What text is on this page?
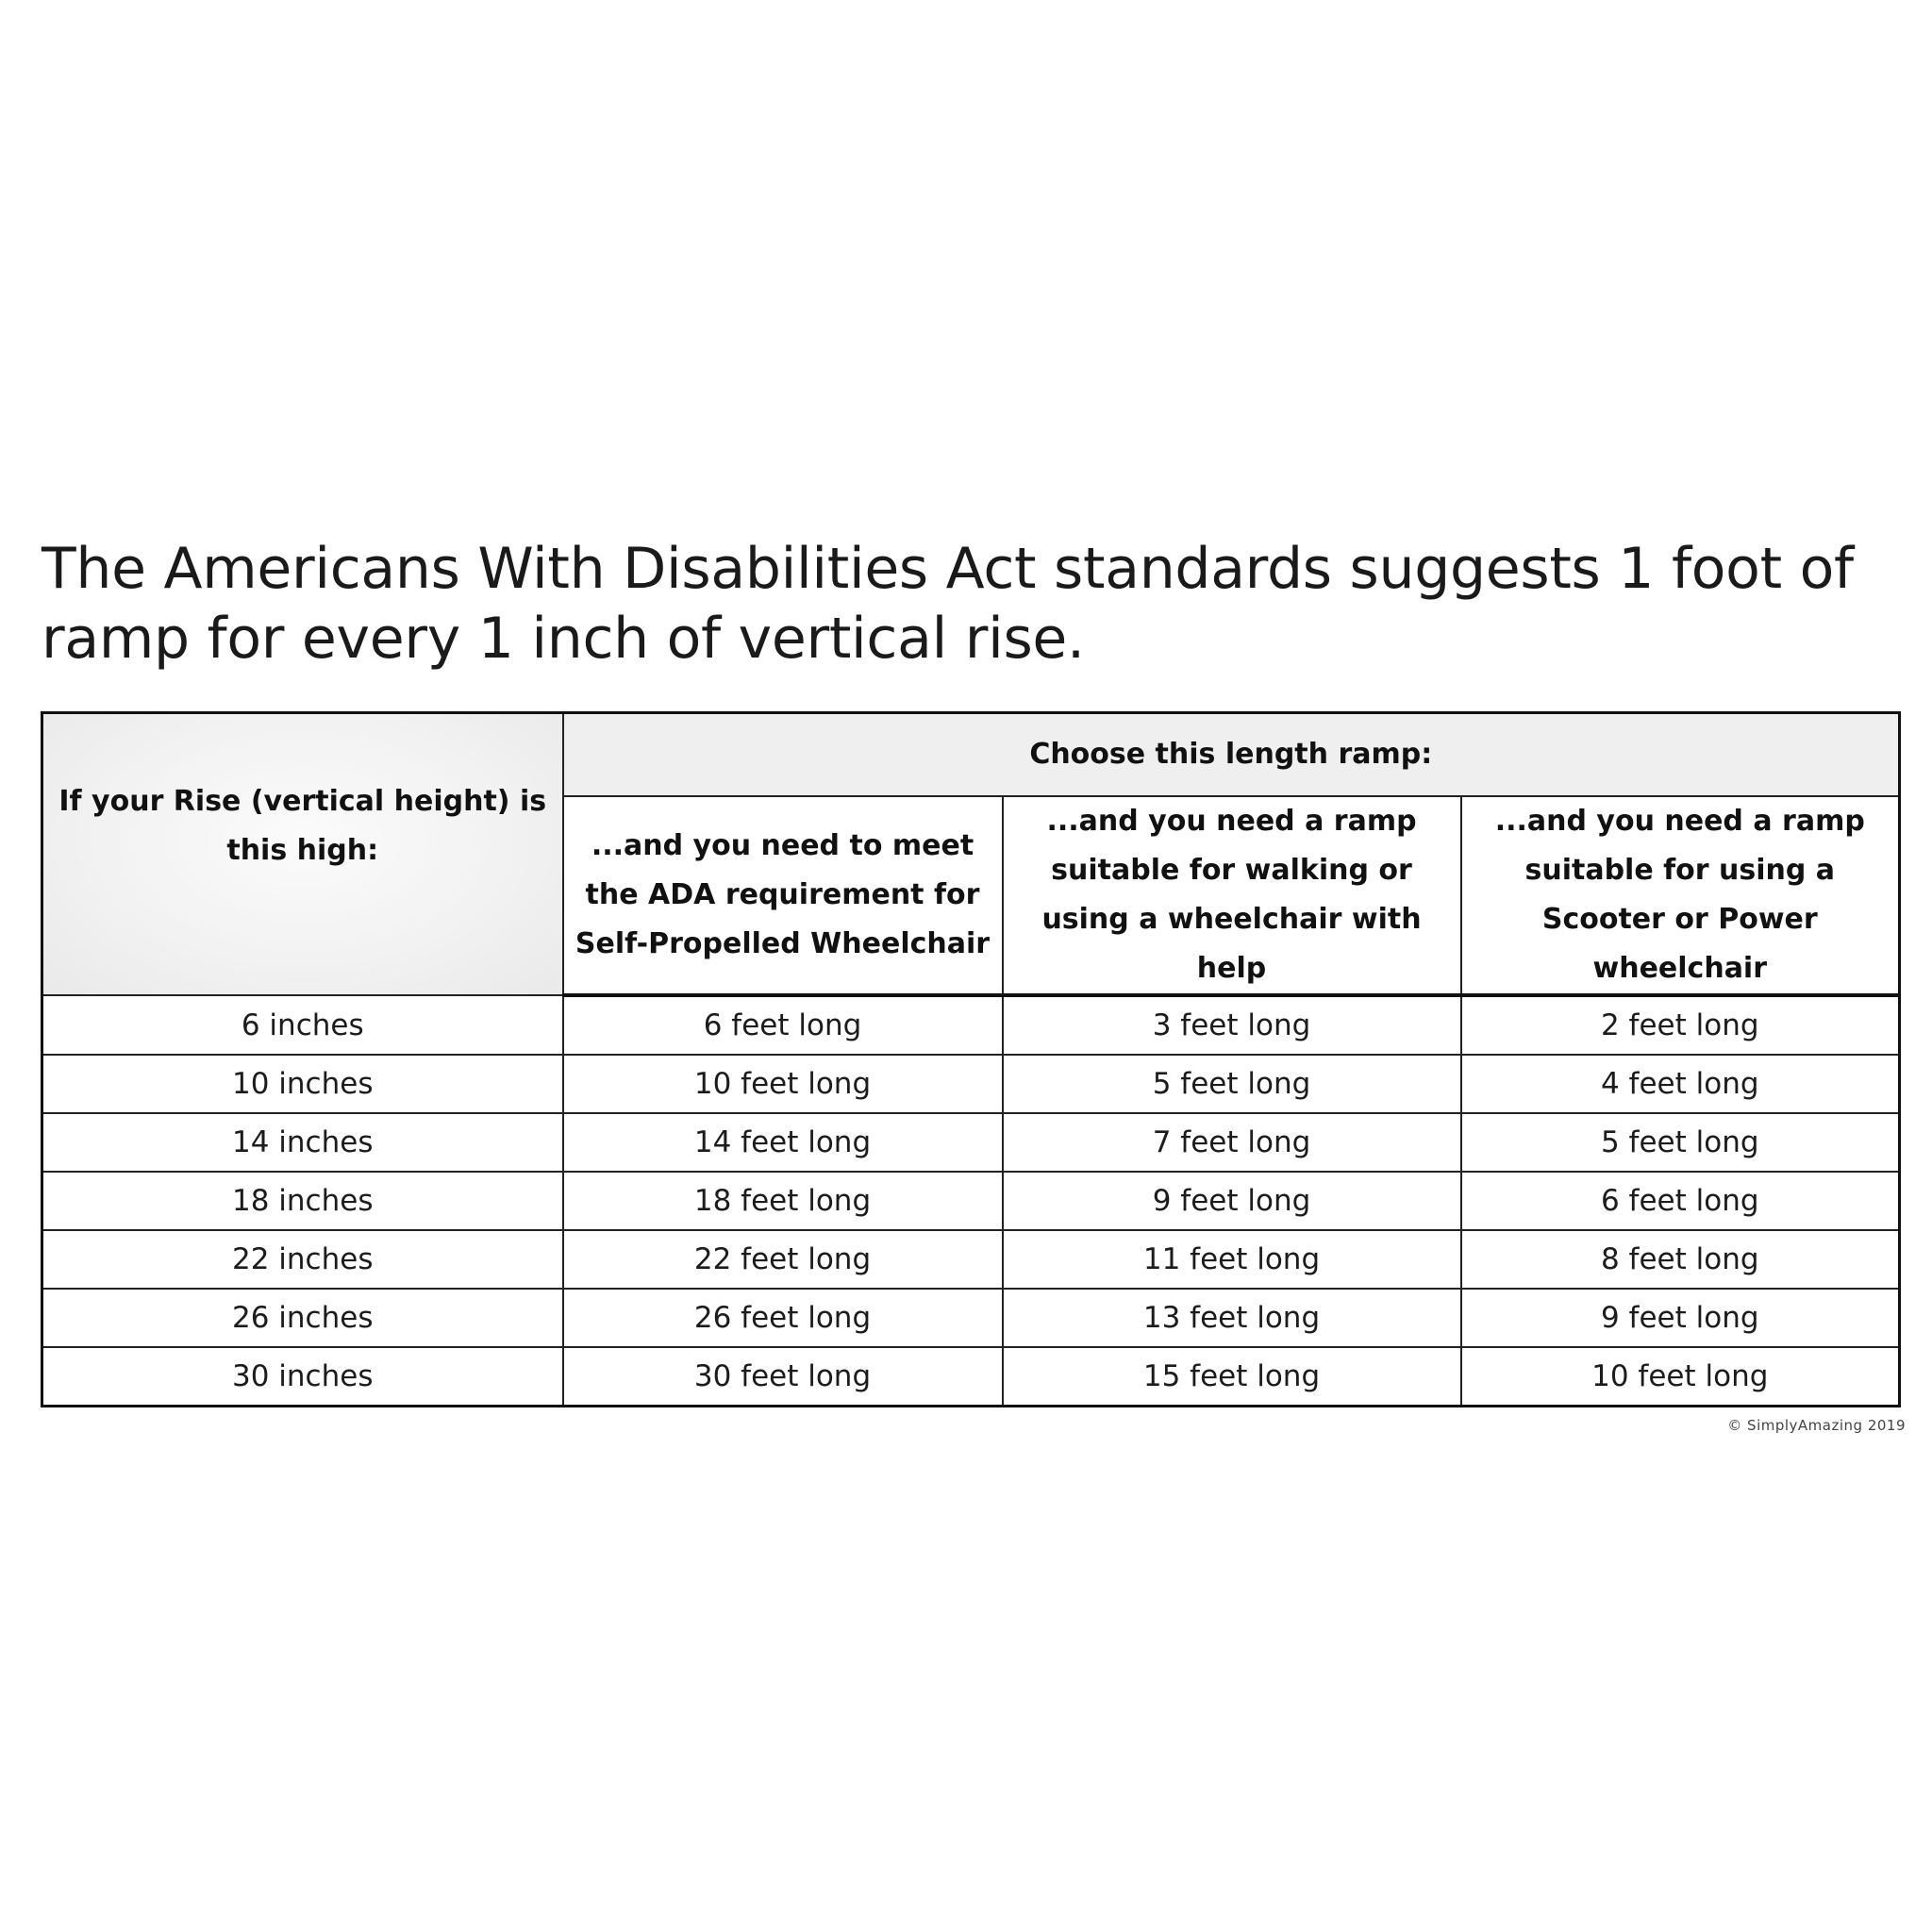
The Americans With Disabilities Act standards suggests 1 foot of ramp for every 1 inch of vertical rise.
If your Rise (vertical height) is this high:	Choose this length ramp:		
	...and you need to meet the ADA requirement for Self-Propelled Wheelchair	...and you need a ramp suitable for walking or using a wheelchair with help	...and you need a ramp suitable for using a Scooter or Power wheelchair
6 inches	6 feet long	3 feet long	2 feet long
10 inches	10 feet long	5 feet long	4 feet long
14 inches	14 feet long	7 feet long	5 feet long
18 inches	18 feet long	9 feet long	6 feet long
22 inches	22 feet long	11 feet long	8 feet long
26 inches	26 feet long	13 feet long	9 feet long
30 inches	30 feet long	15 feet long	10 feet long
© SimplyAmazing 2019
